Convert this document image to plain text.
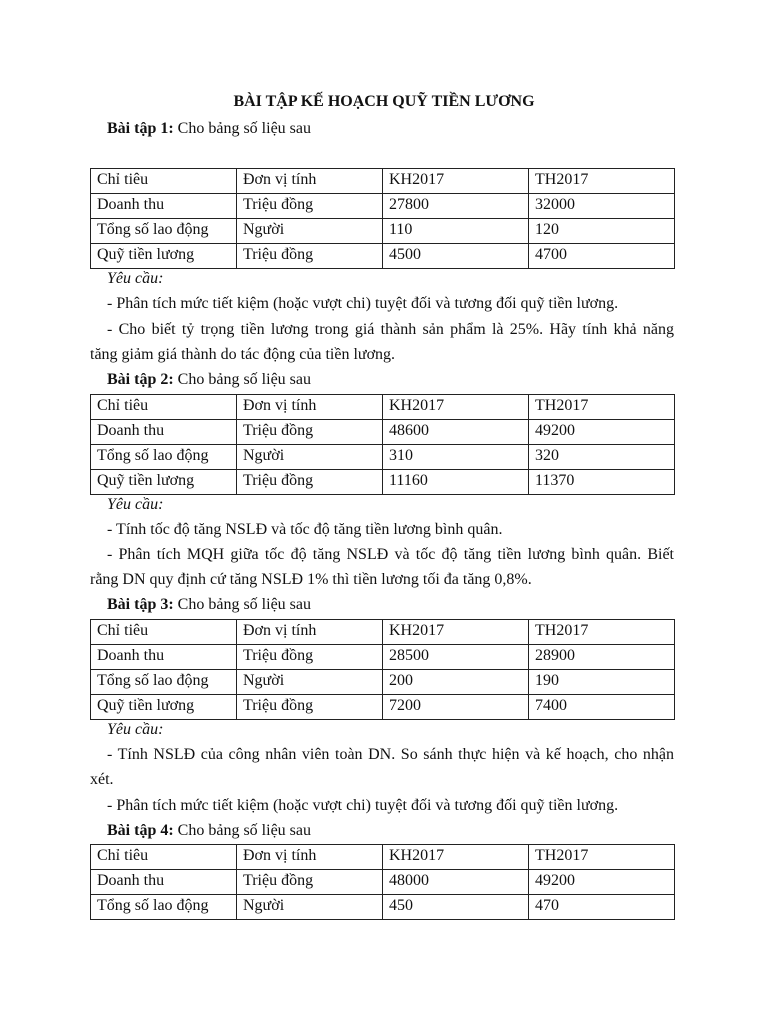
BÀI TẬP KẾ HOẠCH QUỸ TIỀN LƯƠNG
Bài tập 1: Cho bảng số liệu sau
Chỉ tiêu	Đơn vị tính	KH2017	TH2017
Doanh thu	Triệu đồng	27800	32000
Tổng số lao động	Người	110	120
Quỹ tiền lương	Triệu đồng	4500	4700
Yêu cầu:
- Phân tích mức tiết kiệm (hoặc vượt chi) tuyệt đối và tương đối quỹ tiền lương.
- Cho biết tỷ trọng tiền lương trong giá thành sản phẩm là 25%. Hãy tính khả năng
tăng giảm giá thành do tác động của tiền lương.
Bài tập 2: Cho bảng số liệu sau
Chỉ tiêu	Đơn vị tính	KH2017	TH2017
Doanh thu	Triệu đồng	48600	49200
Tổng số lao động	Người	310	320
Quỹ tiền lương	Triệu đồng	11160	11370
Yêu cầu:
- Tính tốc độ tăng NSLĐ và tốc độ tăng tiền lương bình quân.
- Phân tích MQH giữa tốc độ tăng NSLĐ và tốc độ tăng tiền lương bình quân. Biết
rằng DN quy định cứ tăng NSLĐ 1% thì tiền lương tối đa tăng 0,8%.
Bài tập 3: Cho bảng số liệu sau
Chỉ tiêu	Đơn vị tính	KH2017	TH2017
Doanh thu	Triệu đồng	28500	28900
Tổng số lao động	Người	200	190
Quỹ tiền lương	Triệu đồng	7200	7400
Yêu cầu:
- Tính NSLĐ của công nhân viên toàn DN. So sánh thực hiện và kế hoạch, cho nhận
xét.
- Phân tích mức tiết kiệm (hoặc vượt chi) tuyệt đối và tương đối quỹ tiền lương.
Bài tập 4: Cho bảng số liệu sau
Chỉ tiêu	Đơn vị tính	KH2017	TH2017
Doanh thu	Triệu đồng	48000	49200
Tổng số lao động	Người	450	470
